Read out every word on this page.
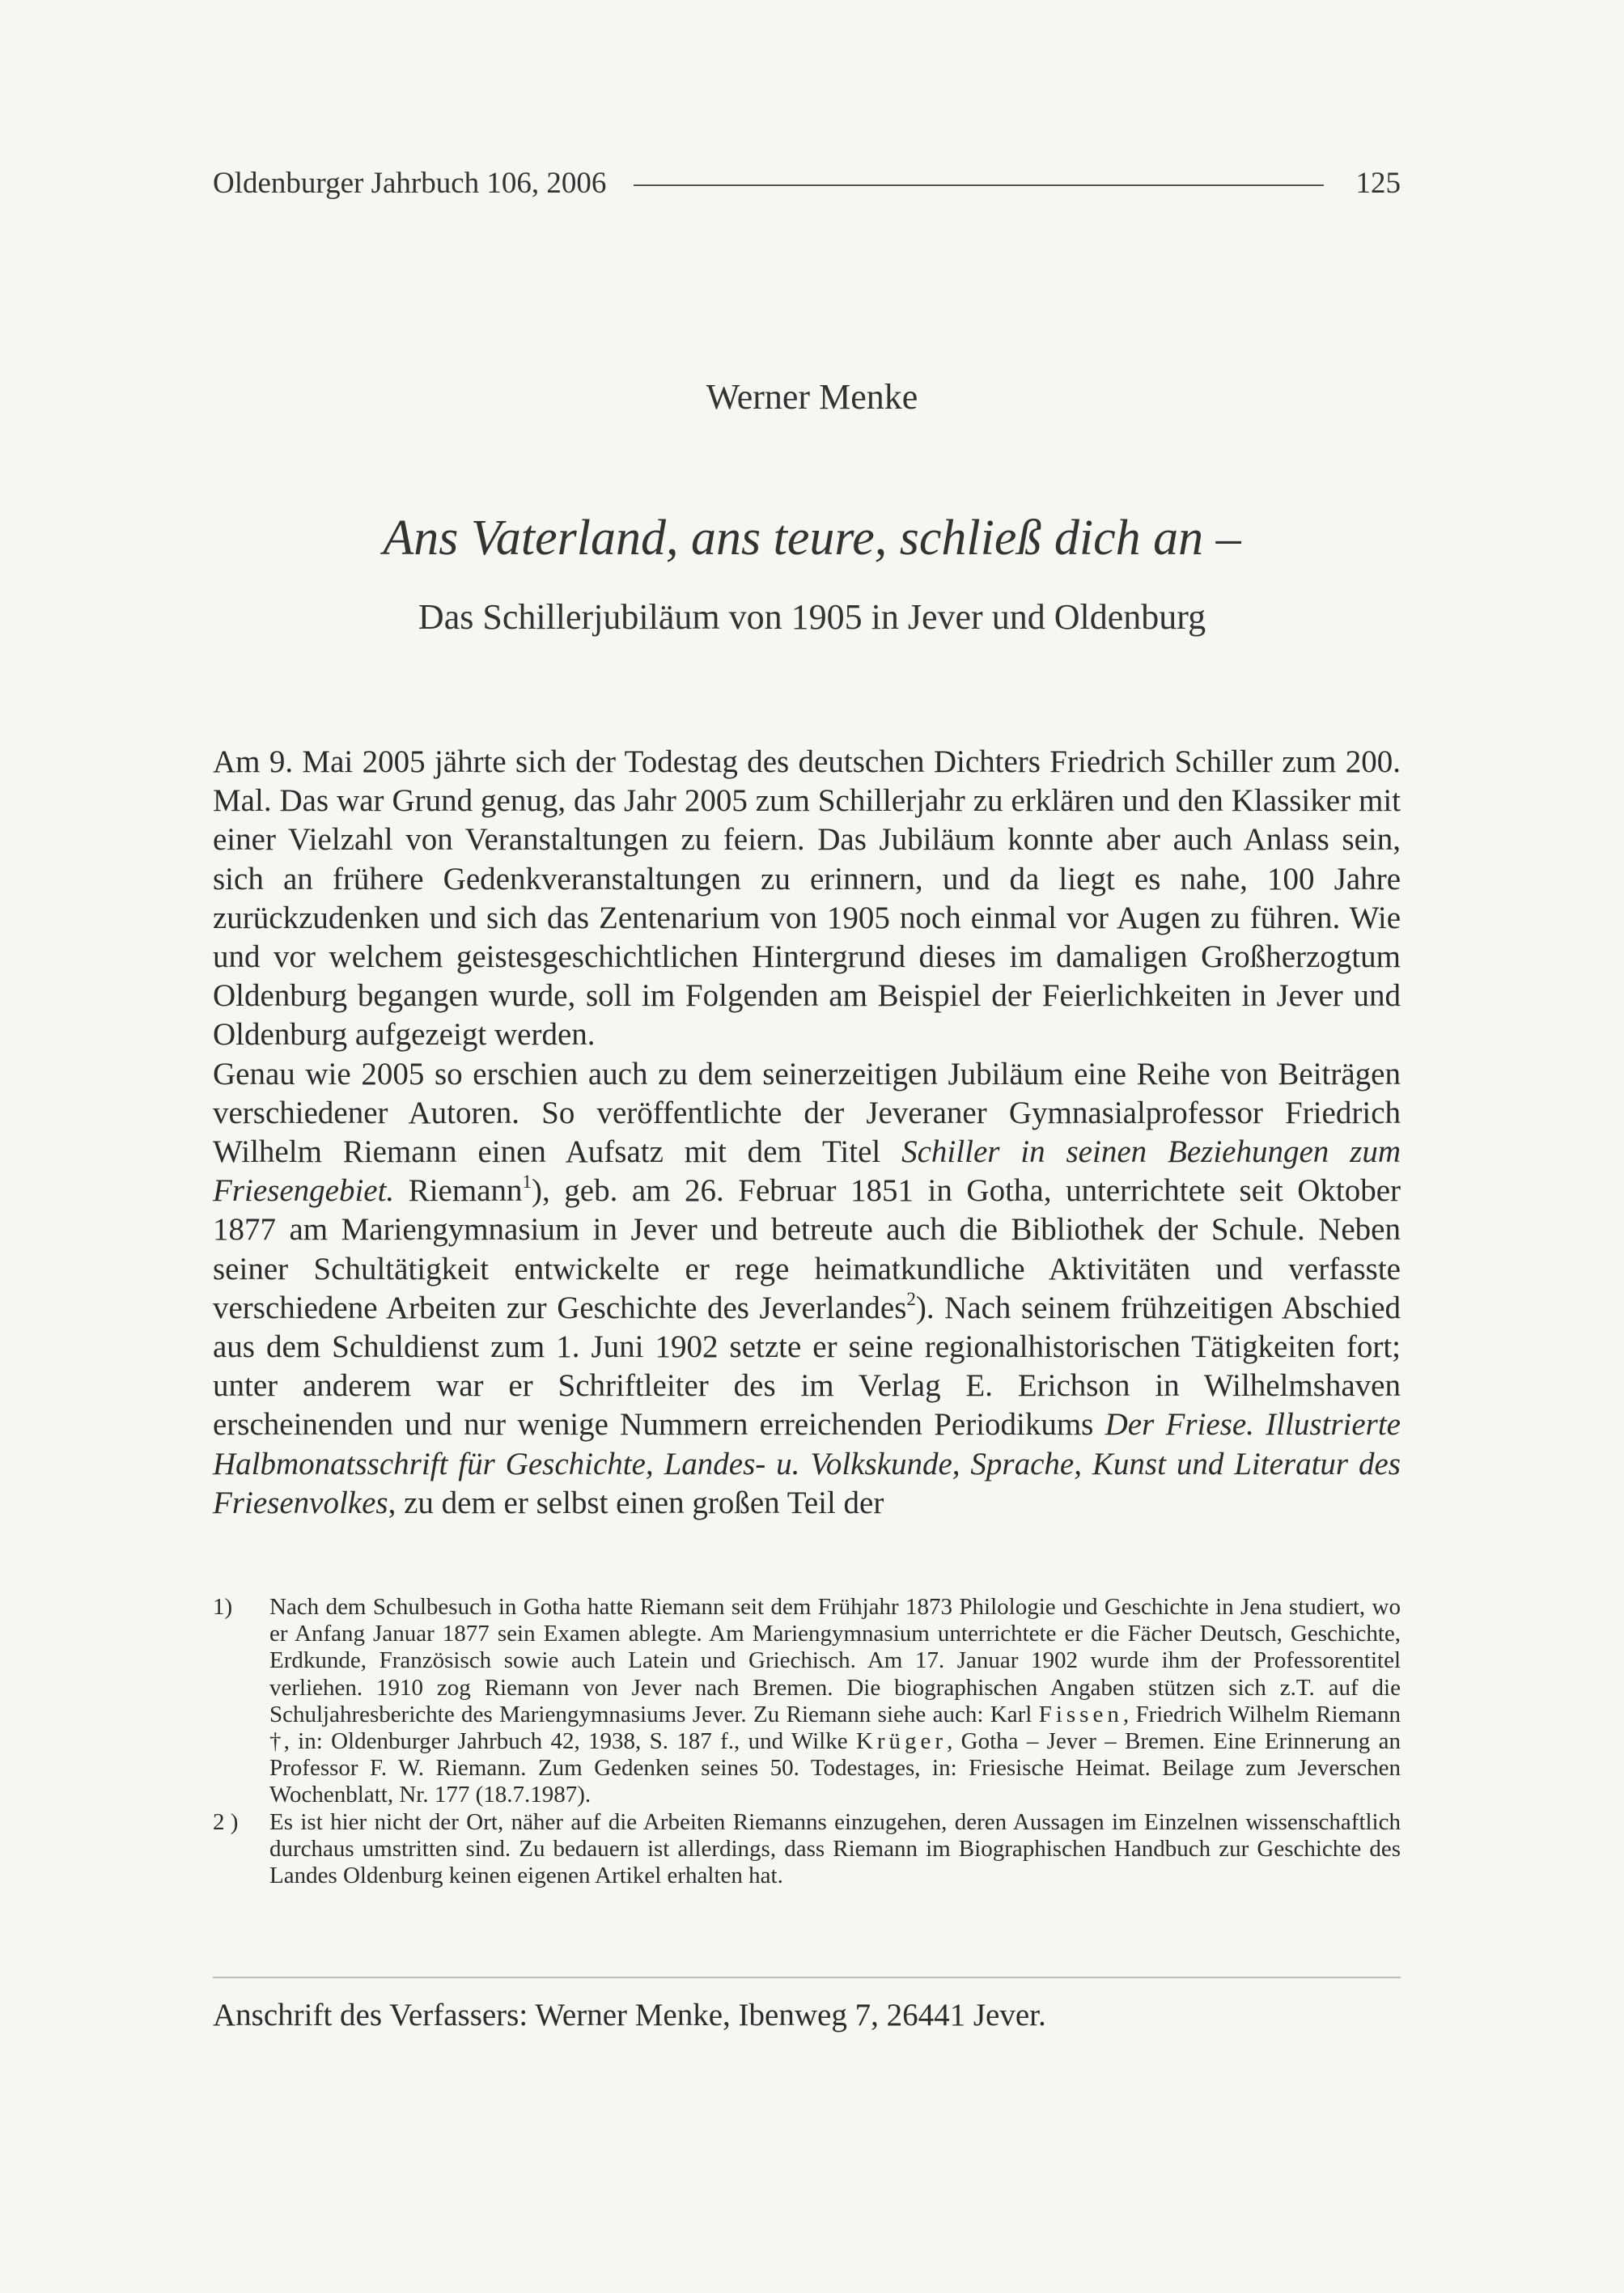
Oldenburger Jahrbuch 106, 2006	125
Werner Menke
Ans Vaterland, ans teure, schließ dich an –
Das Schillerjubiläum von 1905 in Jever und Oldenburg

Am 9. Mai 2005 jährte sich der Todestag des deutschen Dichters Friedrich Schiller zum 200. Mal. Das war Grund genug, das Jahr 2005 zum Schillerjahr zu erklären und den Klassiker mit einer Vielzahl von Veranstaltungen zu feiern. Das Jubiläum konnte aber auch Anlass sein, sich an frühere Gedenkveranstaltungen zu erinnern, und da liegt es nahe, 100 Jahre zurückzudenken und sich das Zentenarium von 1905 noch einmal vor Augen zu führen. Wie und vor welchem geistesgeschichtlichen Hintergrund dieses im damaligen Großherzogtum Oldenburg begangen wurde, soll im Folgenden am Beispiel der Feierlichkeiten in Jever und Oldenburg aufgezeigt werden.

Genau wie 2005 so erschien auch zu dem seinerzeitigen Jubiläum eine Reihe von Beiträgen verschiedener Autoren. So veröffentlichte der Jeveraner Gymnasialprofessor Friedrich Wilhelm Riemann einen Aufsatz mit dem Titel Schiller in seinen Beziehungen zum Friesengebiet. Riemann$^1$), geb. am 26. Februar 1851 in Gotha, unterrichtete seit Oktober 1877 am Mariengymnasium in Jever und betreute auch die Bibliothek der Schule. Neben seiner Schultätigkeit entwickelte er rege heimatkundliche Aktivitäten und verfasste verschiedene Arbeiten zur Geschichte des Jeverlandes$^2$). Nach seinem frühzeitigen Abschied aus dem Schuldienst zum 1. Juni 1902 setzte er seine regionalhistorischen Tätigkeiten fort; unter anderem war er Schriftleiter des im Verlag E. Erichson in Wilhelmshaven erscheinenden und nur wenige Nummern erreichenden Periodikums Der Friese. Illustrierte Halbmonatsschrift für Geschichte, Landes- u. Volkskunde, Sprache, Kunst und Literatur des Friesenvolkes, zu dem er selbst einen großen Teil der

1)	Nach dem Schulbesuch in Gotha hatte Riemann seit dem Frühjahr 1873 Philologie und Geschichte in Jena studiert, wo er Anfang Januar 1877 sein Examen ablegte. Am Mariengymnasium unterrichtete er die Fächer Deutsch, Geschichte, Erdkunde, Französisch sowie auch Latein und Griechisch. Am 17. Januar 1902 wurde ihm der Professorentitel verliehen. 1910 zog Riemann von Jever nach Bremen. Die biographischen Angaben stützen sich z.T. auf die Schuljahresberichte des Mariengymnasiums Jever. Zu Riemann siehe auch: Karl Fissen, Friedrich Wilhelm Riemann †, in: Oldenburger Jahrbuch 42, 1938, S. 187 f., und Wilke Krüger, Gotha – Jever – Bremen. Eine Erinnerung an Professor F. W. Riemann. Zum Gedenken seines 50. Todestages, in: Friesische Heimat. Beilage zum Jeverschen Wochenblatt, Nr. 177 (18.7.1987).
2 )	Es ist hier nicht der Ort, näher auf die Arbeiten Riemanns einzugehen, deren Aussagen im Einzelnen wissenschaftlich durchaus umstritten sind. Zu bedauern ist allerdings, dass Riemann im Biographischen Handbuch zur Geschichte des Landes Oldenburg keinen eigenen Artikel erhalten hat.
Anschrift des Verfassers: Werner Menke, Ibenweg 7, 26441 Jever.
